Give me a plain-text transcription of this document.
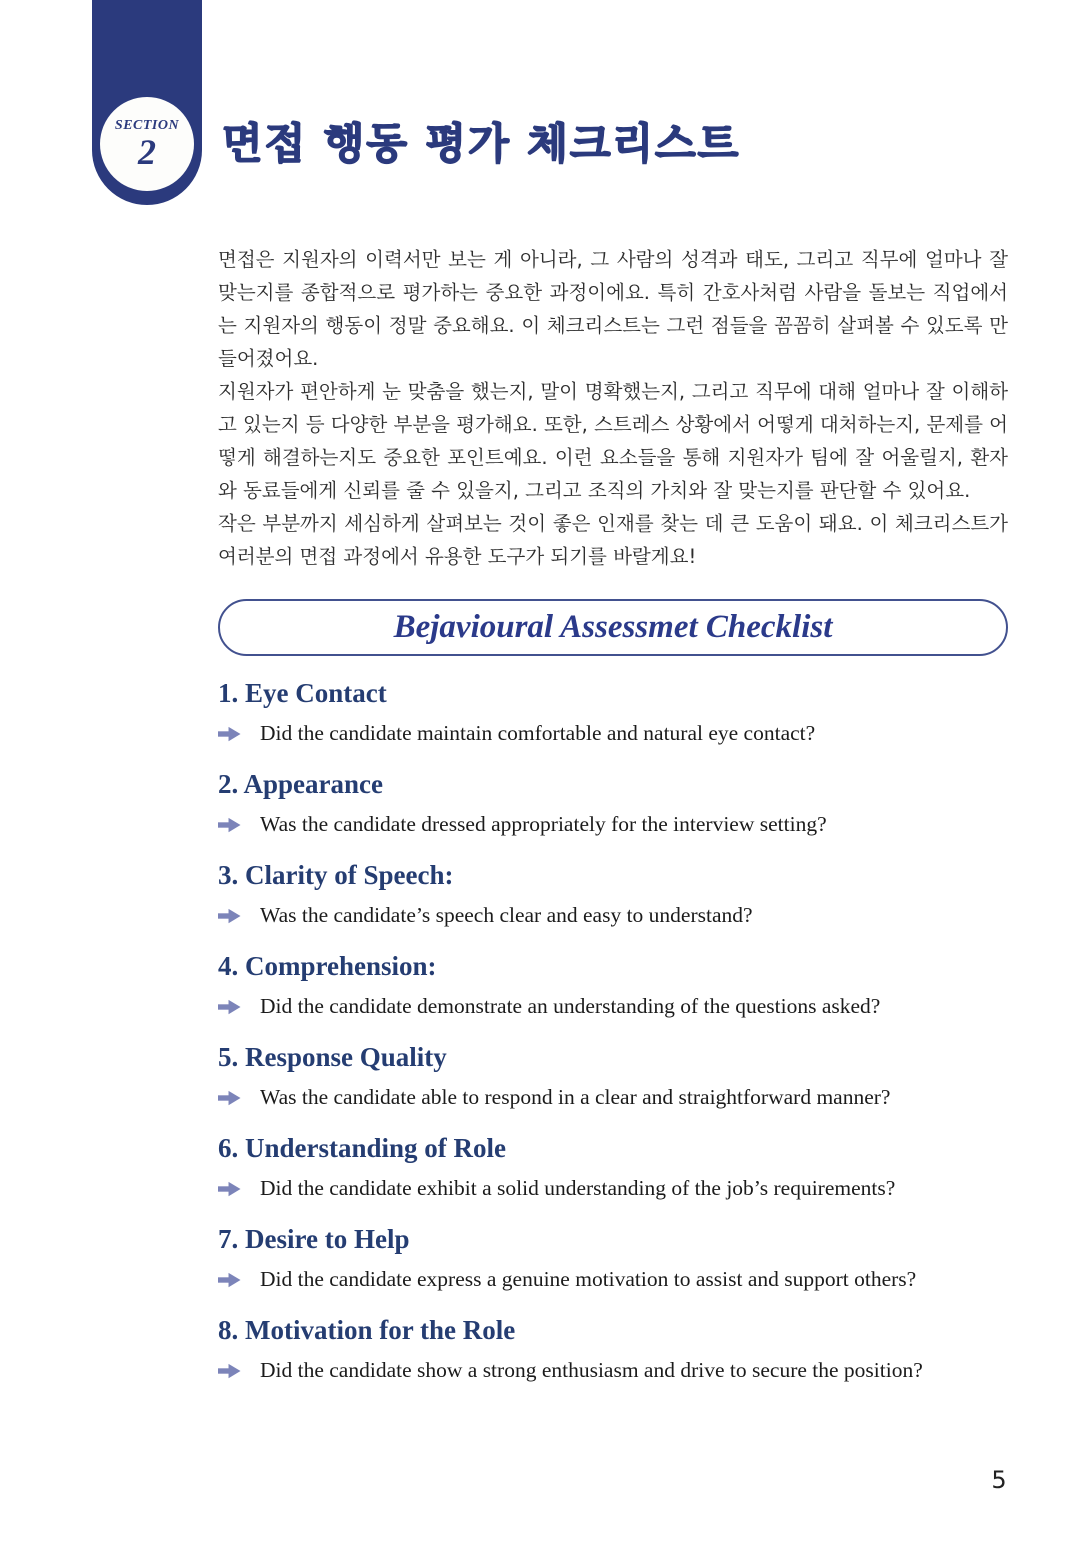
SECTION
2 면접 행동 평가 체크리스트

면접은 지원자의 이력서만 보는 게 아니라, 그 사람의 성격과 태도, 그리고 직무에 얼마나 잘 맞는지를 종합적으로 평가하는 중요한 과정이에요. 특히 간호사처럼 사람을 돌보는 직업에서는 지원자의 행동이 정말 중요해요. 이 체크리스트는 그런 점들을 꼼꼼히 살펴볼 수 있도록 만들어졌어요.

지원자가 편안하게 눈 맞춤을 했는지, 말이 명확했는지, 그리고 직무에 대해 얼마나 잘 이해하고 있는지 등 다양한 부분을 평가해요. 또한, 스트레스 상황에서 어떻게 대처하는지, 문제를 어떻게 해결하는지도 중요한 포인트예요. 이런 요소들을 통해 지원자가 팀에 잘 어울릴지, 환자와 동료들에게 신뢰를 줄 수 있을지, 그리고 조직의 가치와 잘 맞는지를 판단할 수 있어요.

작은 부분까지 세심하게 살펴보는 것이 좋은 인재를 찾는 데 큰 도움이 돼요. 이 체크리스트가 여러분의 면접 과정에서 유용한 도구가 되기를 바랄게요!

Bejavioural Assessmet Checklist
1. Eye Contact
Did the candidate maintain comfortable and natural eye contact?
2. Appearance
Was the candidate dressed appropriately for the interview setting?
3. Clarity of Speech:
Was the candidate’s speech clear and easy to understand?
4. Comprehension:
Did the candidate demonstrate an understanding of the questions asked?
5. Response Quality
Was the candidate able to respond in a clear and straightforward manner?
6. Understanding of Role
Did the candidate exhibit a solid understanding of the job’s requirements?
7. Desire to Help
Did the candidate express a genuine motivation to assist and support others?
8. Motivation for the Role
Did the candidate show a strong enthusiasm and drive to secure the position?
5
